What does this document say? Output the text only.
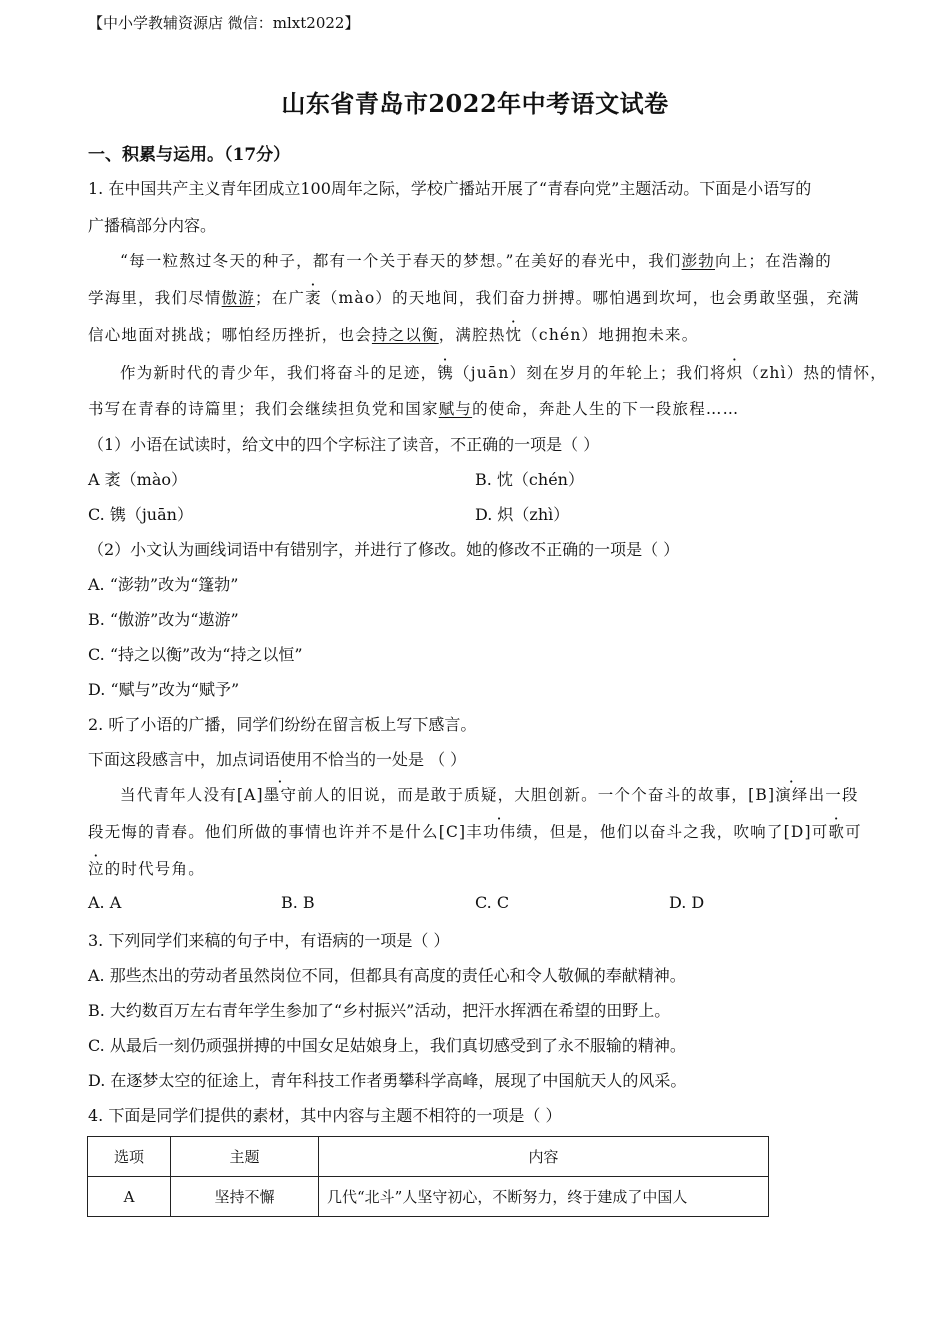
【中小学教辅资源店 微信：mlxt2022】
山东省青岛市2022年中考语文试卷
一、积累与运用。（17分）
1. 在中国共产主义青年团成立100周年之际，学校广播站开展了“青春向党”主题活动。下面是小语写的
广播稿部分内容。
“每一粒熬过冬天的种子，都有一个关于春天的梦想。”在美好的春光中，我们澎勃向上；在浩瀚的
学海里，我们尽情傲游；在广袤（mào）的天地间，我们奋力拼搏。哪怕遇到坎坷，也会勇敢坚强，充满
信心地面对挑战；哪怕经历挫折，也会持之以衡，满腔热忱（chén）地拥抱未来。
作为新时代的青少年，我们将奋斗的足迹，镌（juān）刻在岁月的年轮上；我们将炽（zhì）热的情怀，
书写在青春的诗篇里；我们会继续担负党和国家赋与的使命，奔赴人生的下一段旅程……
（1）小语在试读时，给文中的四个字标注了读音，不正确的一项是（ ）
A 袤（mào）	B. 忱（chén）
C. 镌（juān）	D. 炽（zhì）
（2）小文认为画线词语中有错别字，并进行了修改。她的修改不正确的一项是（ ）
A. “澎勃”改为“篷勃”
B. “傲游”改为“遨游”
C. “持之以衡”改为“持之以恒”
D. “赋与”改为“赋予”
2. 听了小语的广播，同学们纷纷在留言板上写下感言。
下面这段感言中，加点词语使用不恰当的一处是 （ ）
当代青年人没有[A]墨守前人的旧说，而是敢于质疑，大胆创新。一个个奋斗的故事，[B]演绎出一段
段无悔的青春。他们所做的事情也许并不是什么[C]丰功伟绩，但是，他们以奋斗之我，吹响了[D]可歌可
泣的时代号角。
A. A	B. B	C. C	D. D
3. 下列同学们来稿的句子中，有语病的一项是（ ）
A. 那些杰出的劳动者虽然岗位不同，但都具有高度的责任心和令人敬佩的奉献精神。
B. 大约数百万左右青年学生参加了“乡村振兴”活动，把汗水挥洒在希望的田野上。
C. 从最后一刻仍顽强拼搏的中国女足姑娘身上，我们真切感受到了永不服输的精神。
D. 在逐梦太空的征途上，青年科技工作者勇攀科学高峰，展现了中国航天人的风采。
4. 下面是同学们提供的素材，其中内容与主题不相符的一项是（ ）
选项	主题	内容
A	坚持不懈	几代“北斗”人坚守初心，不断努力，终于建成了中国人
